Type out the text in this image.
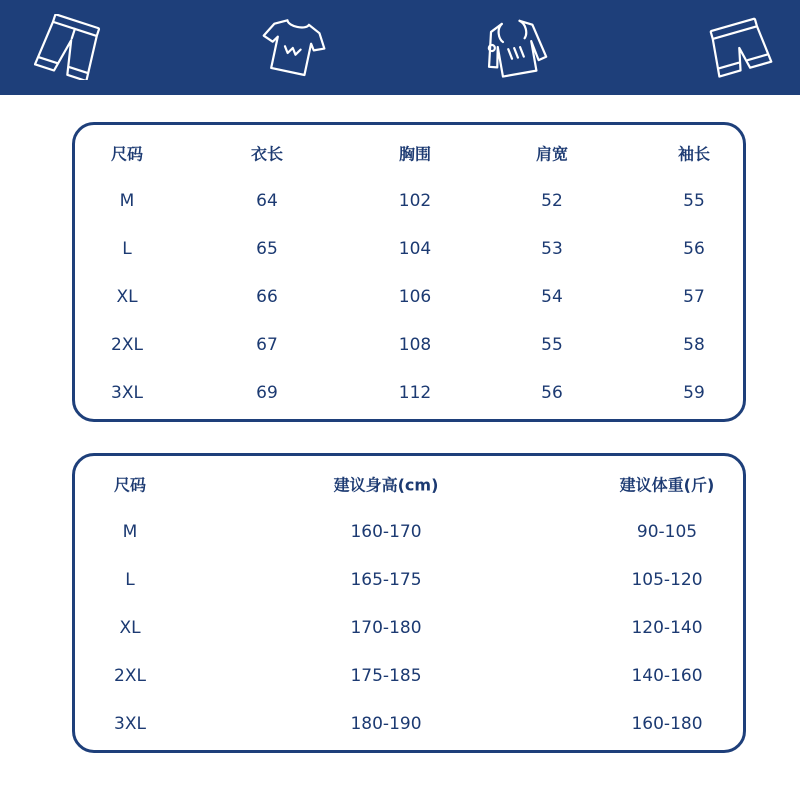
尺码	衣长	胸围	肩宽	袖长
M	64	102	52	55
L	65	104	53	56
XL	66	106	54	57
2XL	67	108	55	58
3XL	69	112	56	59
尺码	建议身高(cm)	建议体重(斤)
M	160-170	90-105
L	165-175	105-120
XL	170-180	120-140
2XL	175-185	140-160
3XL	180-190	160-180
